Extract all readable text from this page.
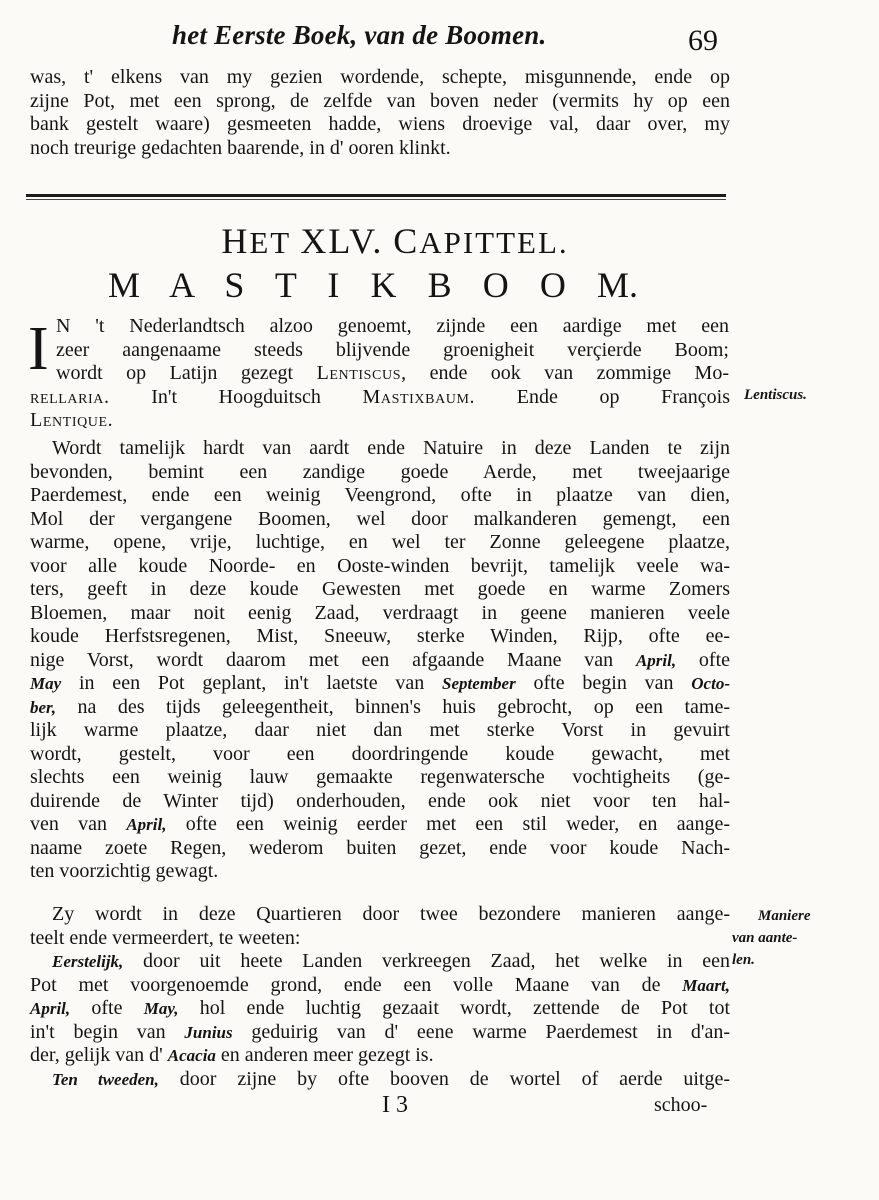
het Eerste Boek, van de Boomen.	69
was, t' elkens van my gezien wordende, schepte, misgunnende, ende op
zijne Pot, met een sprong, de zelfde van boven neder (vermits hy op een
bank gestelt waare) gesmeeten hadde, wiens droevige val, daar over, my
noch treurige gedachten baarende, in d' ooren klinkt.
HET XLV. CAPITTEL.
M A S T I K B O O M.
I N 't Nederlandtsch alzoo genoemt, zijnde een aardige met een
zeer aangenaame steeds blijvende groenigheit verçierde Boom;
wordt op Latijn gezegt Lentiscus, ende ook van zommige Mo-
rellaria. In't Hoogduitsch Mastixbaum. Ende op François
Lentique.
Wordt tamelijk hardt van aardt ende Natuire in deze Landen te zijn
bevonden, bemint een zandige goede Aerde, met tweejaarige
Paerdemest, ende een weinig Veengrond, ofte in plaatze van dien,
Mol der vergangene Boomen, wel door malkanderen gemengt, een
warme, opene, vrije, luchtige, en wel ter Zonne geleegene plaatze,
voor alle koude Noorde- en Ooste-winden bevrijt, tamelijk veele wa-
ters, geeft in deze koude Gewesten met goede en warme Zomers
Bloemen, maar noit eenig Zaad, verdraagt in geene manieren veele
koude Herfstsregenen, Mist, Sneeuw, sterke Winden, Rijp, ofte ee-
nige Vorst, wordt daarom met een afgaande Maane van April, ofte
May in een Pot geplant, in't laetste van September ofte begin van Octo-
ber, na des tijds geleegentheit, binnen's huis gebrocht, op een tame-
lijk warme plaatze, daar niet dan met sterke Vorst in gevuirt
wordt, gestelt, voor een doordringende koude gewacht, met
slechts een weinig lauw gemaakte regenwatersche vochtigheits (ge-
duirende de Winter tijd) onderhouden, ende ook niet voor ten hal-
ven van April, ofte een weinig eerder met een stil weder, en aange-
naame zoete Regen, wederom buiten gezet, ende voor koude Nach-
ten voorzichtig gewagt.
Zy wordt in deze Quartieren door twee bezondere manieren aange-
teelt ende vermeerdert, te weeten:
Eerstelijk, door uit heete Landen verkreegen Zaad, het welke in een
Pot met voorgenoemde grond, ende een volle Maane van de Maart,
April, ofte May, hol ende luchtig gezaait wordt, zettende de Pot tot
in't begin van Junius geduirig van d' eene warme Paerdemest in d'an-
der, gelijk van d' Acacia en anderen meer gezegt is.
Ten tweeden, door zijne by ofte booven de wortel of aerde uitge-
Lentiscus.
Maniere
van aante-
len.
I 3	schoo-
